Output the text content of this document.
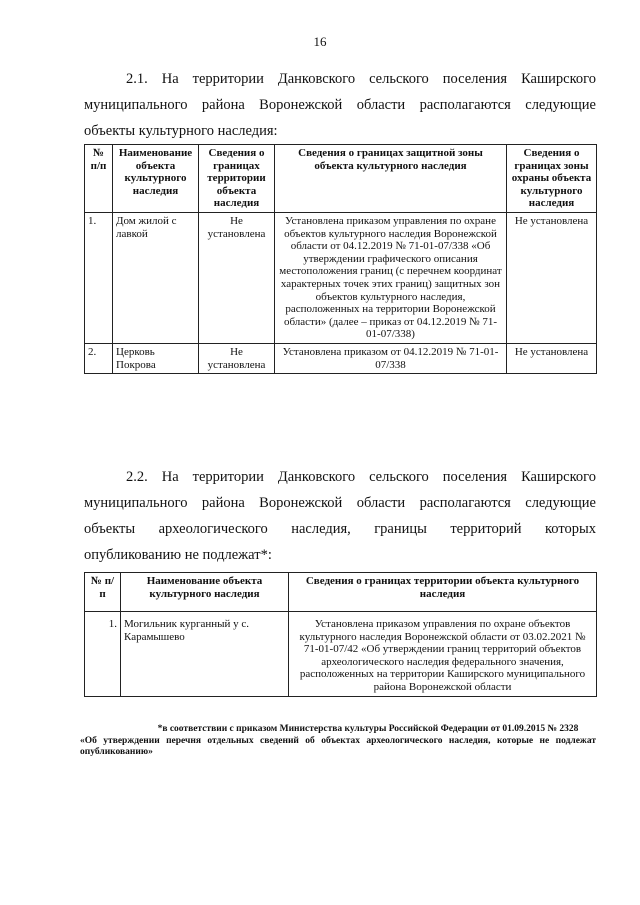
16

2.1. На территории Данковского сельского поселения Каширского муниципального района Воронежской области располагаются следующие объекты культурного наследия:

№ п/п	Наименование объекта культурного наследия	Сведения о границах территории объекта наследия	Сведения о границах защитной зоны объекта культурного наследия	Сведения о границах зоны охраны объекта культурного наследия
1.	Дом жилой с лавкой	Не установлена	Установлена приказом управления по охране объектов культурного наследия Воронежской области от 04.12.2019 № 71-01-07/338 «Об утверждении графического описания местоположения границ (с перечнем координат характерных точек этих границ) защитных зон объектов культурного наследия, расположенных на территории Воронежской области» (далее – приказ от 04.12.2019 № 71-01-07/338)	Не установлена
2.	Церковь Покрова	Не установлена	Установлена приказом от 04.12.2019 № 71-01-07/338	Не установлена

2.2. На территории Данковского сельского поселения Каширского муниципального района Воронежской области располагаются следующие объекты археологического наследия, границы территорий которых опубликованию не подлежат*:

№ п/п	Наименование объекта культурного наследия	Сведения о границах территории объекта культурного наследия
1.	Могильник курганный у с. Карамышево	Установлена приказом управления по охране объектов культурного наследия Воронежской области от 03.02.2021 № 71-01-07/42 «Об утверждении границ территорий объектов археологического наследия федерального значения, расположенных на территории Каширского муниципального района Воронежской области

*в соответствии с приказом Министерства культуры Российской Федерации от 01.09.2015 № 2328
«Об утверждении перечня отдельных сведений об объектах археологического наследия, которые не подлежат опубликованию»
